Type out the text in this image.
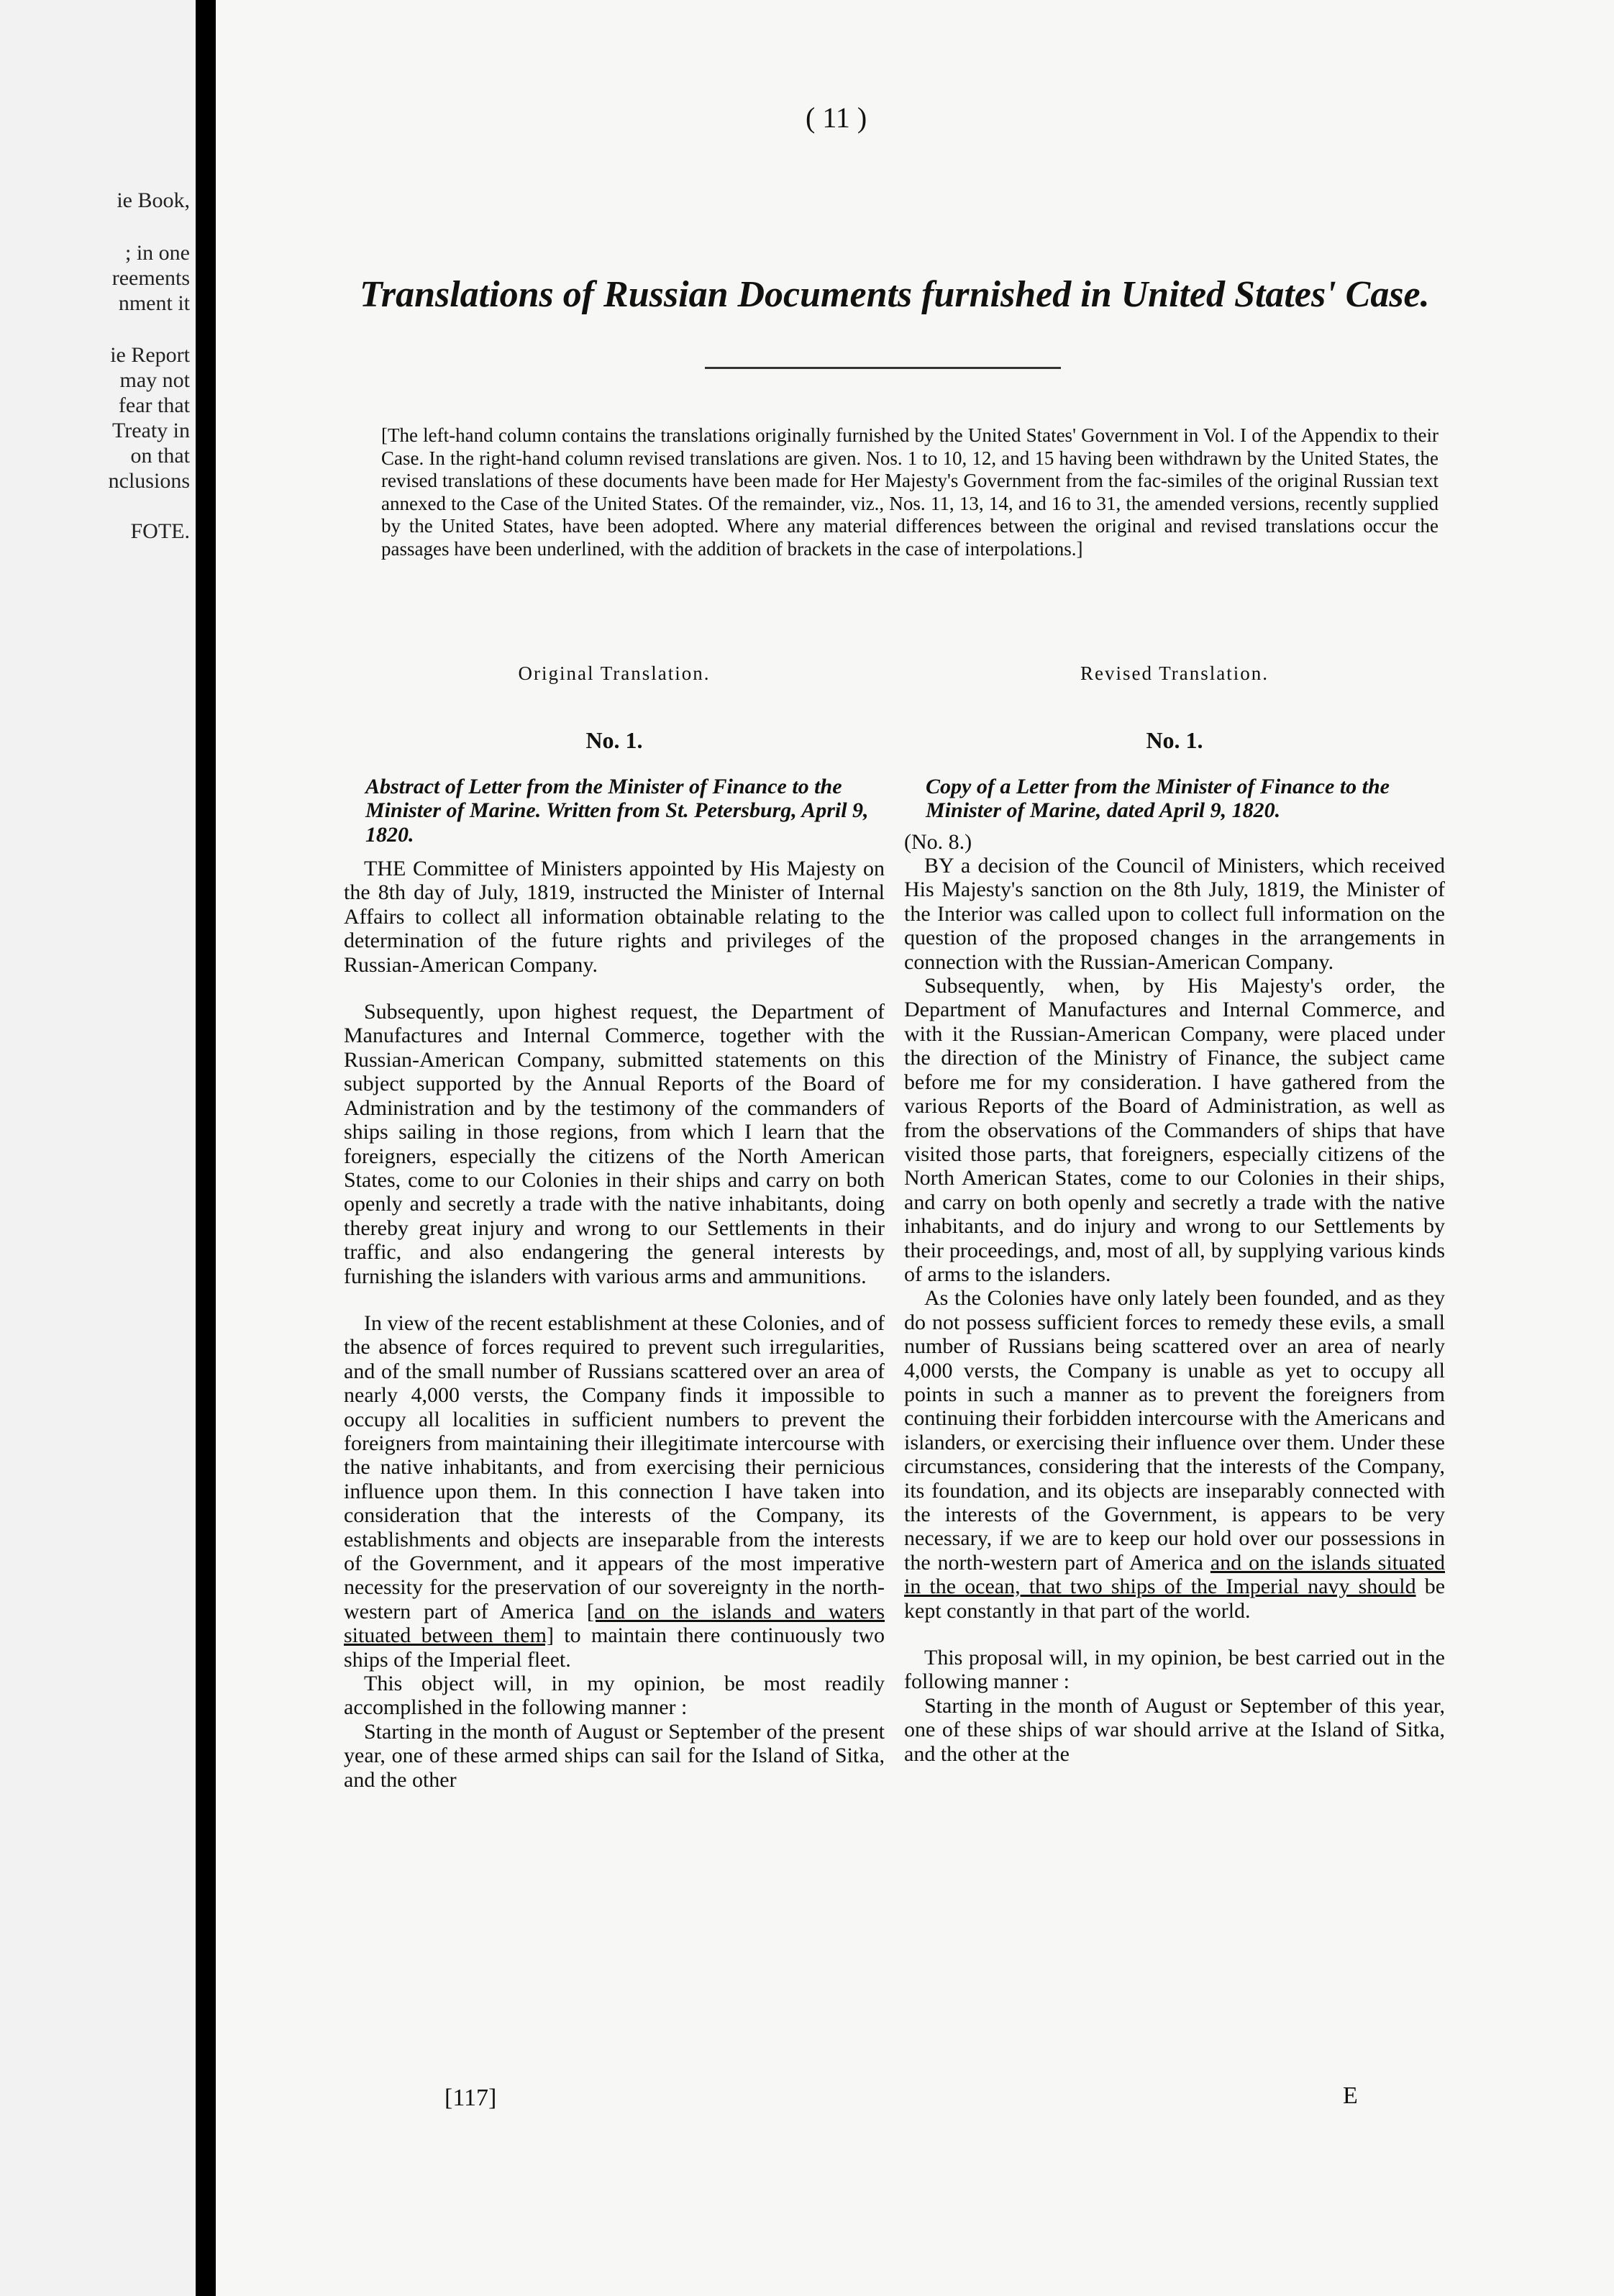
ie Book,
; in one
reements
nment it
ie Report
may not
fear that
Treaty in
on that
nclusions
FOTE.
( 11 )
Translations of Russian Documents furnished in United States' Case.
[The left-hand column contains the translations originally furnished by the United States' Government in Vol. I of the Appendix to their Case. In the right-hand column revised translations are given. Nos. 1 to 10, 12, and 15 having been withdrawn by the United States, the revised translations of these documents have been made for Her Majesty's Government from the fac-similes of the original Russian text annexed to the Case of the United States. Of the remainder, viz., Nos. 11, 13, 14, and 16 to 31, the amended versions, recently supplied by the United States, have been adopted. Where any material differences between the original and revised translations occur the passages have been underlined, with the addition of brackets in the case of interpolations.]
Original Translation.
No. 1.
Abstract of Letter from the Minister of Finance to the Minister of Marine. Written from St. Petersburg, April 9, 1820.

THE Committee of Ministers appointed by His Majesty on the 8th day of July, 1819, instructed the Minister of Internal Affairs to collect all information obtainable relating to the determination of the future rights and privileges of the Russian-American Company.

Subsequently, upon highest request, the Department of Manufactures and Internal Commerce, together with the Russian-American Company, submitted statements on this subject supported by the Annual Reports of the Board of Administration and by the testimony of the commanders of ships sailing in those regions, from which I learn that the foreigners, especially the citizens of the North American States, come to our Colonies in their ships and carry on both openly and secretly a trade with the native inhabitants, doing thereby great injury and wrong to our Settlements in their traffic, and also endangering the general interests by furnishing the islanders with various arms and ammunitions.

In view of the recent establishment at these Colonies, and of the absence of forces required to prevent such irregularities, and of the small number of Russians scattered over an area of nearly 4,000 versts, the Company finds it impossible to occupy all localities in sufficient numbers to prevent the foreigners from maintaining their illegitimate intercourse with the native inhabitants, and from exercising their pernicious influence upon them. In this connection I have taken into consideration that the interests of the Company, its establishments and objects are inseparable from the interests of the Government, and it appears of the most imperative necessity for the preservation of our sovereignty in the north-western part of America [and on the islands and waters situated between them] to maintain there continuously two ships of the Imperial fleet.

This object will, in my opinion, be most readily accomplished in the following manner :

Starting in the month of August or September of the present year, one of these armed ships can sail for the Island of Sitka, and the other

Revised Translation.
No. 1.
Copy of a Letter from the Minister of Finance to the Minister of Marine, dated April 9, 1820.

(No. 8.)

BY a decision of the Council of Ministers, which received His Majesty's sanction on the 8th July, 1819, the Minister of the Interior was called upon to collect full information on the question of the proposed changes in the arrangements in connection with the Russian-American Company.

Subsequently, when, by His Majesty's order, the Department of Manufactures and Internal Commerce, and with it the Russian-American Company, were placed under the direction of the Ministry of Finance, the subject came before me for my consideration. I have gathered from the various Reports of the Board of Administration, as well as from the observations of the Commanders of ships that have visited those parts, that foreigners, especially citizens of the North American States, come to our Colonies in their ships, and carry on both openly and secretly a trade with the native inhabitants, and do injury and wrong to our Settlements by their proceedings, and, most of all, by supplying various kinds of arms to the islanders.

As the Colonies have only lately been founded, and as they do not possess sufficient forces to remedy these evils, a small number of Russians being scattered over an area of nearly 4,000 versts, the Company is unable as yet to occupy all points in such a manner as to prevent the foreigners from continuing their forbidden intercourse with the Americans and islanders, or exercising their influence over them. Under these circumstances, considering that the interests of the Company, its foundation, and its objects are inseparably connected with the interests of the Government, is appears to be very necessary, if we are to keep our hold over our possessions in the north-western part of America and on the islands situated in the ocean, that two ships of the Imperial navy should be kept constantly in that part of the world.

This proposal will, in my opinion, be best carried out in the following manner :

Starting in the month of August or September of this year, one of these ships of war should arrive at the Island of Sitka, and the other at the

[117]	E
